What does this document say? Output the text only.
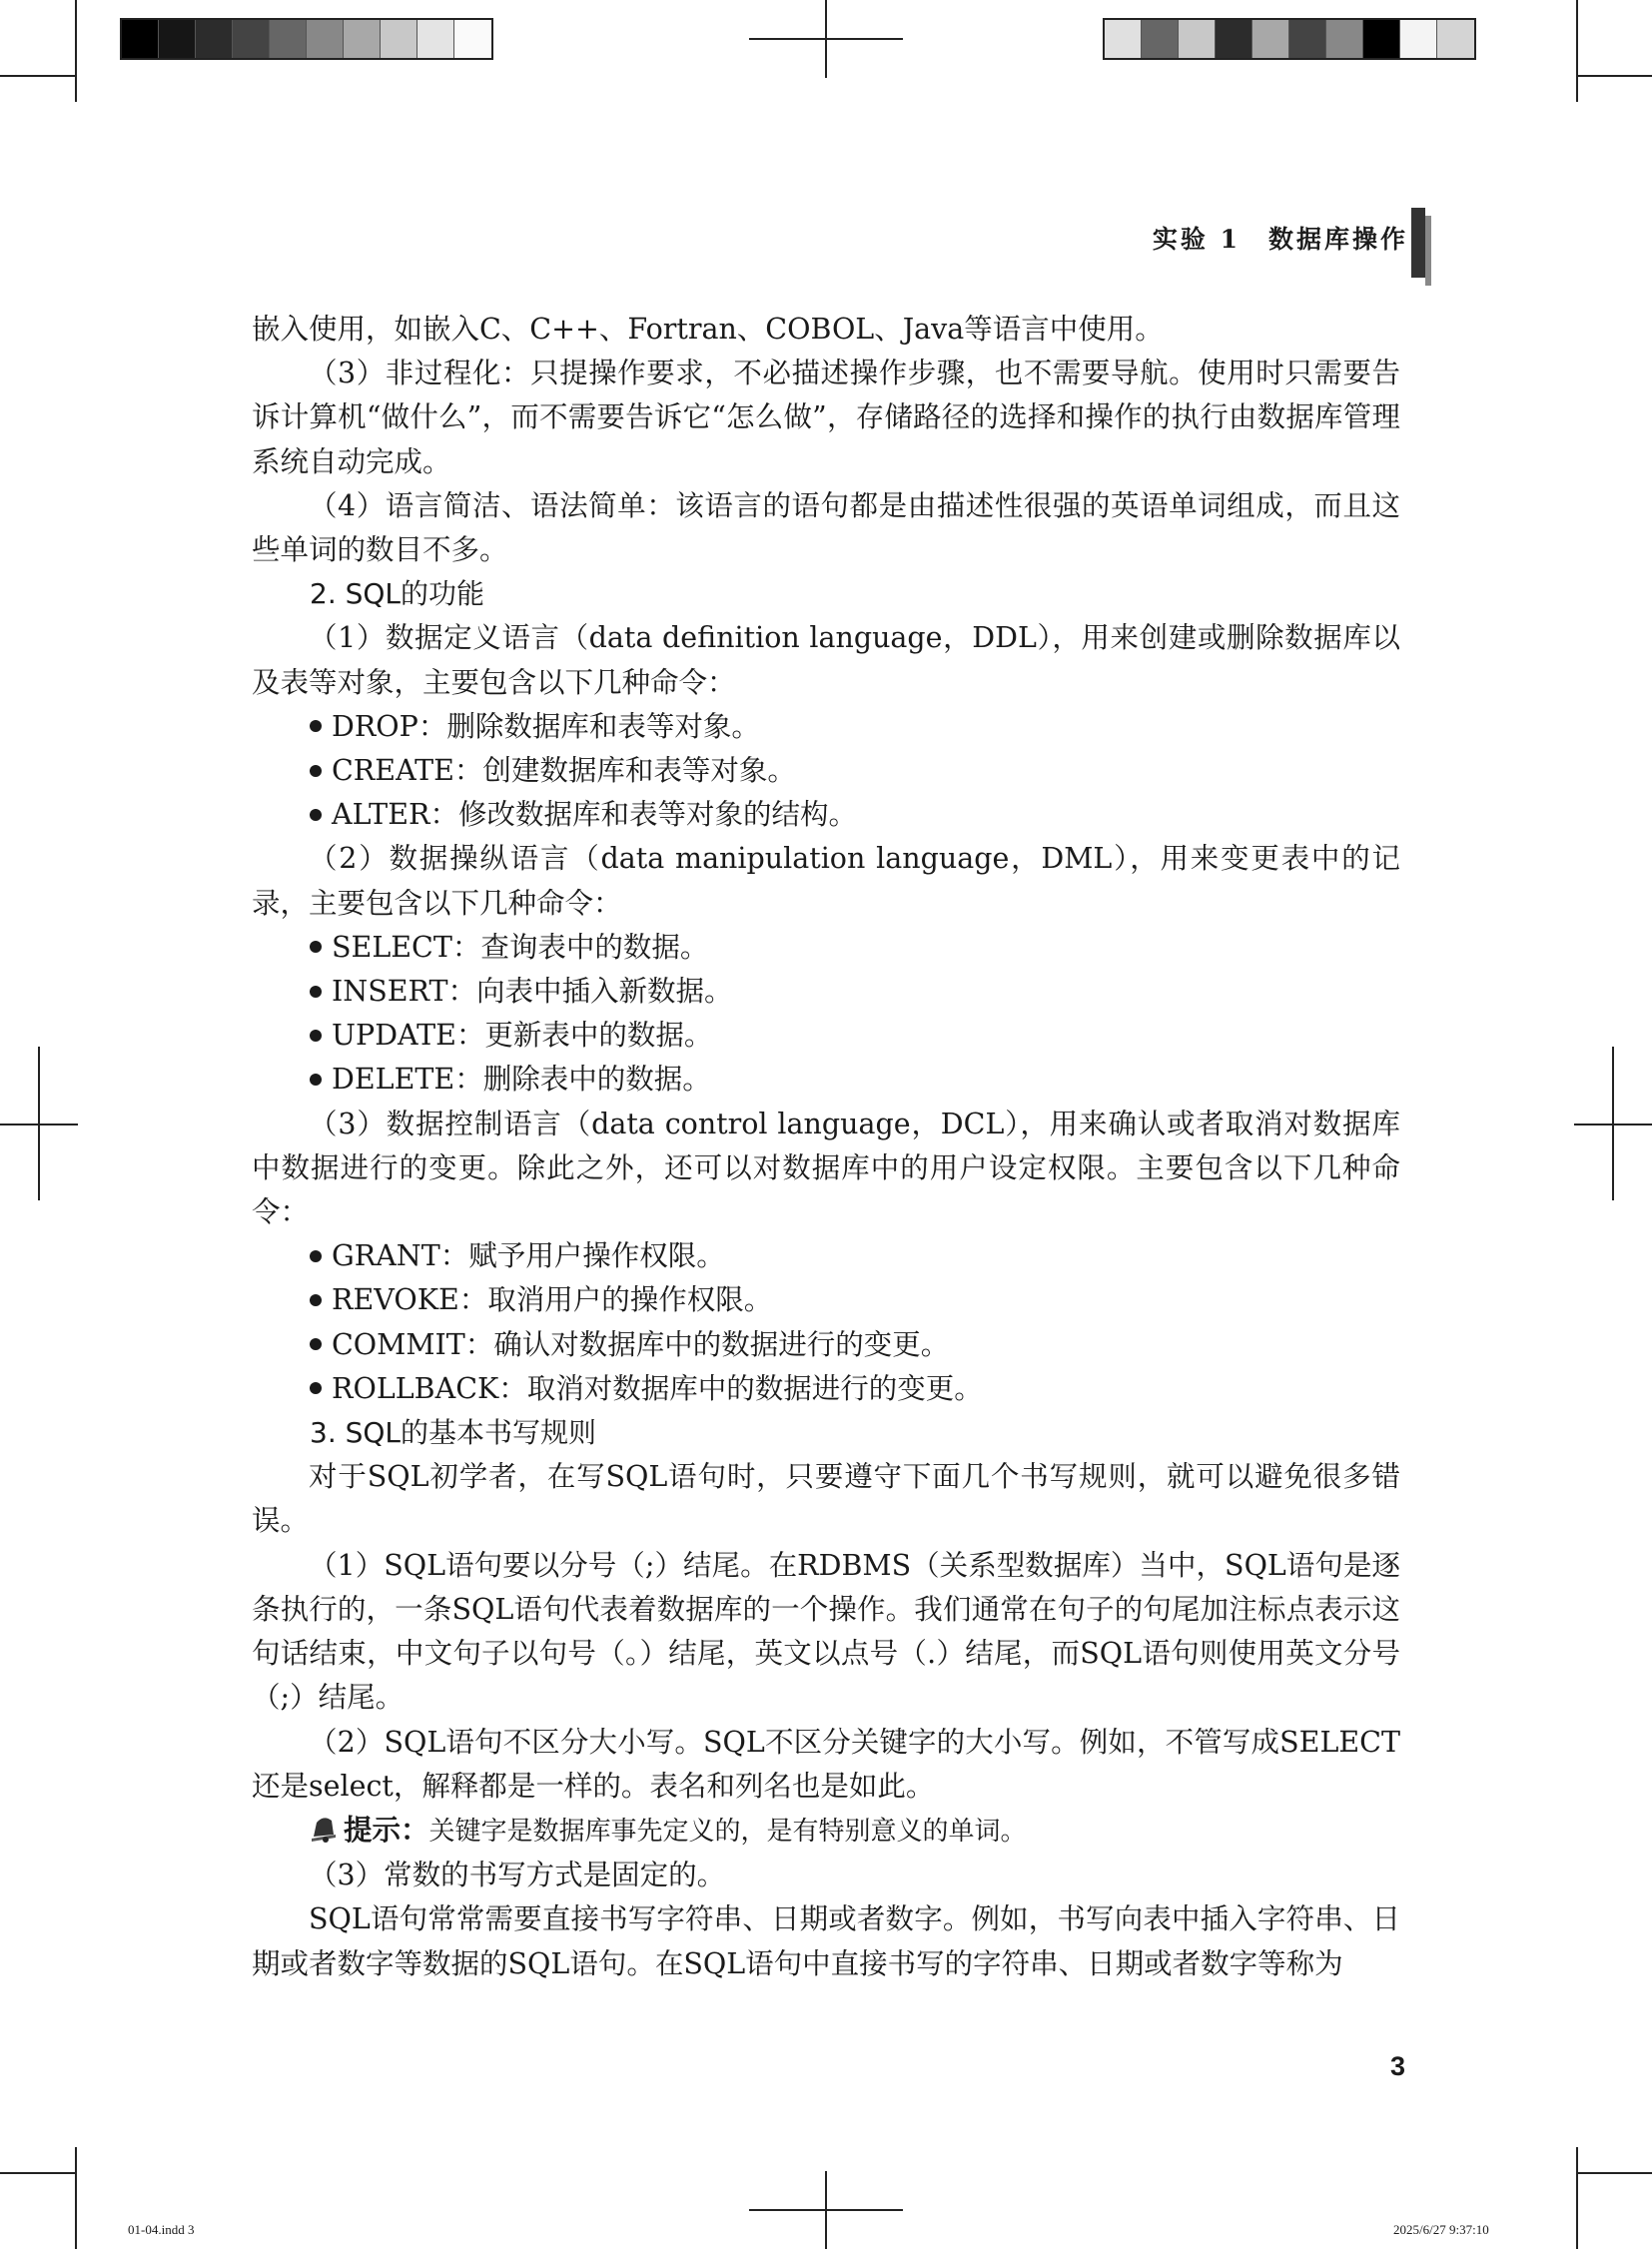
实验 1　数据库操作

嵌入使用，如嵌入C、C++、Fortran、COBOL、Java等语言中使用。

（3）非过程化：只提操作要求，不必描述操作步骤，也不需要导航。使用时只需要告诉计算机“做什么”，而不需要告诉它“怎么做”，存储路径的选择和操作的执行由数据库管理系统自动完成。

（4）语言简洁、语法简单：该语言的语句都是由描述性很强的英语单词组成，而且这些单词的数目不多。

2. SQL的功能

（1）数据定义语言（data definition language，DDL），用来创建或删除数据库以及表等对象，主要包含以下几种命令：

DROP：删除数据库和表等对象。

CREATE：创建数据库和表等对象。

ALTER：修改数据库和表等对象的结构。

（2）数据操纵语言（data manipulation language，DML），用来变更表中的记录，主要包含以下几种命令：

SELECT：查询表中的数据。

INSERT：向表中插入新数据。

UPDATE：更新表中的数据。

DELETE：删除表中的数据。

（3）数据控制语言（data control language，DCL），用来确认或者取消对数据库中数据进行的变更。除此之外，还可以对数据库中的用户设定权限。主要包含以下几种命令：

GRANT：赋予用户操作权限。

REVOKE：取消用户的操作权限。

COMMIT：确认对数据库中的数据进行的变更。

ROLLBACK：取消对数据库中的数据进行的变更。

3. SQL的基本书写规则

对于SQL初学者，在写SQL语句时，只要遵守下面几个书写规则，就可以避免很多错误。

（1）SQL语句要以分号（;）结尾。在RDBMS（关系型数据库）当中，SQL语句是逐条执行的，一条SQL语句代表着数据库的一个操作。我们通常在句子的句尾加注标点表示这句话结束，中文句子以句号（。）结尾，英文以点号（.）结尾，而SQL语句则使用英文分号（;）结尾。

（2）SQL语句不区分大小写。SQL不区分关键字的大小写。例如，不管写成SELECT还是select，解释都是一样的。表名和列名也是如此。

提示：关键字是数据库事先定义的，是有特别意义的单词。

（3）常数的书写方式是固定的。

SQL语句常常需要直接书写字符串、日期或者数字。例如，书写向表中插入字符串、日期或者数字等数据的SQL语句。在SQL语句中直接书写的字符串、日期或者数字等称为

3
01-04.indd 3	2025/6/27 9:37:10
